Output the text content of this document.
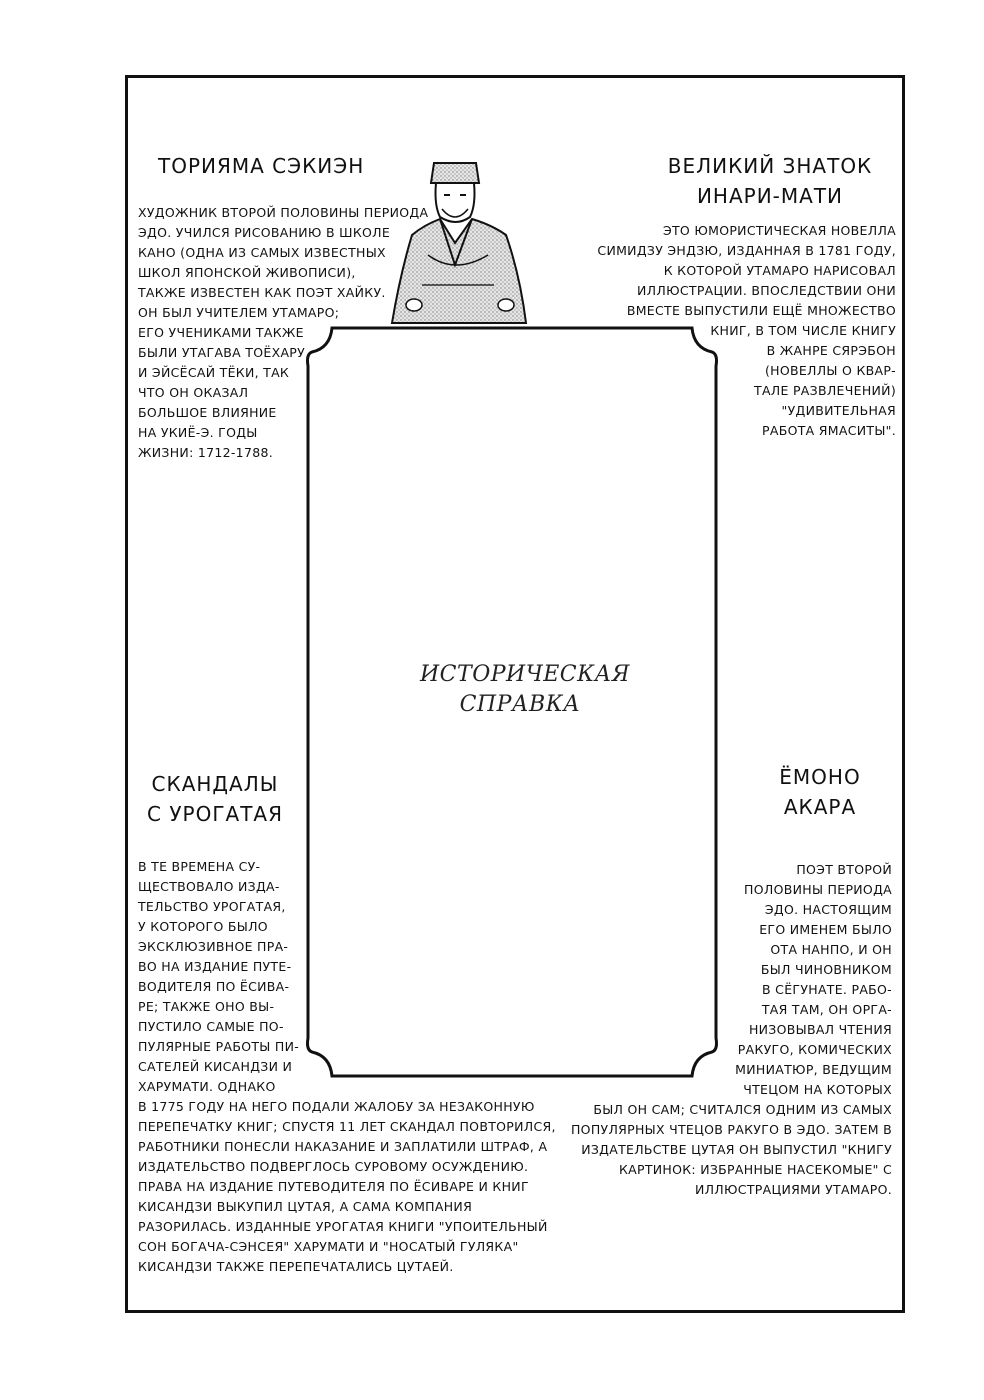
ИСТОРИЧЕСКАЯ
СПРАВКА
ТОРИЯМА СЭКИЭН
ХУДОЖНИК ВТОРОЙ ПОЛОВИНЫ ПЕРИОДА
ЭДО. УЧИЛСЯ РИСОВАНИЮ В ШКОЛЕ
КАНО (ОДНА ИЗ САМЫХ ИЗВЕСТНЫХ
ШКОЛ ЯПОНСКОЙ ЖИВОПИСИ),
ТАКЖЕ ИЗВЕСТЕН КАК ПОЭТ ХАЙКУ.
ОН БЫЛ УЧИТЕЛЕМ УТАМАРО;
ЕГО УЧЕНИКАМИ ТАКЖЕ
БЫЛИ УТАГАВА ТОЁХАРУ
И ЭЙСЁСАЙ ТЁКИ, ТАК
ЧТО ОН ОКАЗАЛ
БОЛЬШОЕ ВЛИЯНИЕ
НА УКИЁ-Э. ГОДЫ
ЖИЗНИ: 1712-1788.
ВЕЛИКИЙ ЗНАТОК
ИНАРИ-МАТИ
ЭТО ЮМОРИСТИЧЕСКАЯ НОВЕЛЛА
СИМИДЗУ ЭНДЗЮ, ИЗДАННАЯ В 1781 ГОДУ,
К КОТОРОЙ УТАМАРО НАРИСОВАЛ
ИЛЛЮСТРАЦИИ. ВПОСЛЕДСТВИИ ОНИ
ВМЕСТЕ ВЫПУСТИЛИ ЕЩЁ МНОЖЕСТВО
КНИГ, В ТОМ ЧИСЛЕ КНИГУ
В ЖАНРЕ СЯРЭБОН
(НОВЕЛЛЫ О КВАР-
ТАЛЕ РАЗВЛЕЧЕНИЙ)
"УДИВИТЕЛЬНАЯ
РАБОТА ЯМАСИТЫ".
СКАНДАЛЫ
С УРОГАТАЯ
В ТЕ ВРЕМЕНА СУ-
ЩЕСТВОВАЛО ИЗДА-
ТЕЛЬСТВО УРОГАТАЯ,
У КОТОРОГО БЫЛО
ЭКСКЛЮЗИВНОЕ ПРА-
ВО НА ИЗДАНИЕ ПУТЕ-
ВОДИТЕЛЯ ПО ЁСИВА-
РЕ; ТАКЖЕ ОНО ВЫ-
ПУСТИЛО САМЫЕ ПО-
ПУЛЯРНЫЕ РАБОТЫ ПИ-
САТЕЛЕЙ КИСАНДЗИ И
ХАРУМАТИ. ОДНАКО
В 1775 ГОДУ НА НЕГО ПОДАЛИ ЖАЛОБУ ЗА НЕЗАКОННУЮ
ПЕРЕПЕЧАТКУ КНИГ; СПУСТЯ 11 ЛЕТ СКАНДАЛ ПОВТОРИЛСЯ,
РАБОТНИКИ ПОНЕСЛИ НАКАЗАНИЕ И ЗАПЛАТИЛИ ШТРАФ, А
ИЗДАТЕЛЬСТВО ПОДВЕРГЛОСЬ СУРОВОМУ ОСУЖДЕНИЮ.
ПРАВА НА ИЗДАНИЕ ПУТЕВОДИТЕЛЯ ПО ЁСИВАРЕ И КНИГ
КИСАНДЗИ ВЫКУПИЛ ЦУТАЯ, А САМА КОМПАНИЯ
РАЗОРИЛАСЬ. ИЗДАННЫЕ УРОГАТАЯ КНИГИ "УПОИТЕЛЬНЫЙ
СОН БОГАЧА-СЭНСЕЯ" ХАРУМАТИ И "НОСАТЫЙ ГУЛЯКА"
КИСАНДЗИ ТАКЖЕ ПЕРЕПЕЧАТАЛИСЬ ЦУТАЕЙ.
ЁМОНО
АКАРА
ПОЭТ ВТОРОЙ
ПОЛОВИНЫ ПЕРИОДА
ЭДО. НАСТОЯЩИМ
ЕГО ИМЕНЕМ БЫЛО
ОТА НАНПО, И ОН
БЫЛ ЧИНОВНИКОМ
В СЁГУНАТЕ. РАБО-
ТАЯ ТАМ, ОН ОРГА-
НИЗОВЫВАЛ ЧТЕНИЯ
РАКУГО, КОМИЧЕСКИХ
МИНИАТЮР, ВЕДУЩИМ
ЧТЕЦОМ НА КОТОРЫХ
БЫЛ ОН САМ; СЧИТАЛСЯ ОДНИМ ИЗ САМЫХ
ПОПУЛЯРНЫХ ЧТЕЦОВ РАКУГО В ЭДО. ЗАТЕМ В
ИЗДАТЕЛЬСТВЕ ЦУТАЯ ОН ВЫПУСТИЛ "КНИГУ
КАРТИНОК: ИЗБРАННЫЕ НАСЕКОМЫЕ" С
ИЛЛЮСТРАЦИЯМИ УТАМАРО.
